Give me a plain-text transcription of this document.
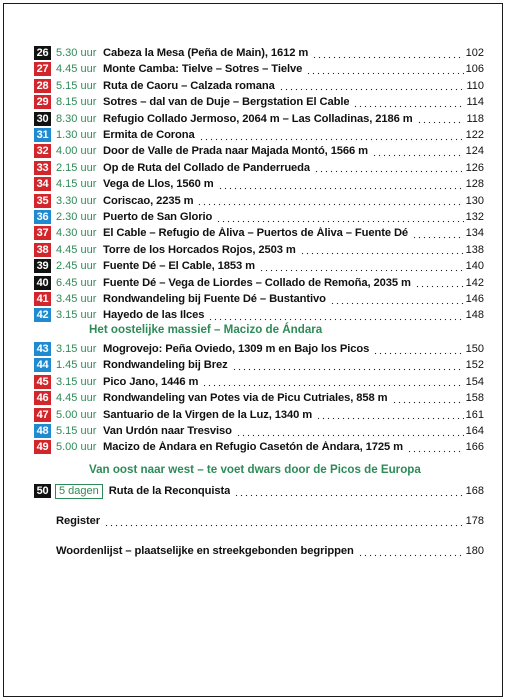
26 5.30 uur Cabeza la Mesa (Peña de Main), 1612 m	102
27 4.45 uur Monte Camba: Tielve – Sotres – Tielve	106
28 5.15 uur Ruta de Caoru – Calzada romana	110
29 8.15 uur Sotres – dal van de Duje – Bergstation El Cable	114
30 8.30 uur Refugio Collado Jermoso, 2064 m – Las Colladinas, 2186 m	118
31 1.30 uur Ermita de Corona	122
32 4.00 uur Door de Valle de Prada naar Majada Montó, 1566 m	124
33 2.15 uur Op de Ruta del Collado de Panderrueda	126
34 4.15 uur Vega de Llos, 1560 m	128
35 3.30 uur Coriscao, 2235 m	130
36 2.30 uur Puerto de San Glorio	132
37 4.30 uur El Cable – Refugio de Áliva – Puertos de Áliva – Fuente Dé	134
38 4.45 uur Torre de los Horcados Rojos, 2503 m	138
39 2.45 uur Fuente Dé – El Cable, 1853 m	140
40 6.45 uur Fuente Dé – Vega de Liordes – Collado de Remoña, 2035 m	142
41 3.45 uur Rondwandeling bij Fuente Dé – Bustantivo	146
42 3.15 uur Hayedo de las Ilces	148
Het oostelijke massief – Macizo de Ándara
43 3.15 uur Mogrovejo: Peña Oviedo, 1309 m en Bajo los Picos	150
44 1.45 uur Rondwandeling bij Brez	152
45 3.15 uur Pico Jano, 1446 m	154
46 4.45 uur Rondwandeling van Potes via de Picu Cutriales, 858 m	158
47 5.00 uur Santuario de la Virgen de la Luz, 1340 m	161
48 5.15 uur Van Urdón naar Tresviso	164
49 5.00 uur Macizo de Ándara en Refugio Casetón de Ándara, 1725 m	166
Van oost naar west – te voet dwars door de Picos de Europa
50 5 dagen Ruta de la Reconquista	168
Register	178
Woordenlijst – plaatselijke en streekgebonden begrippen	180
